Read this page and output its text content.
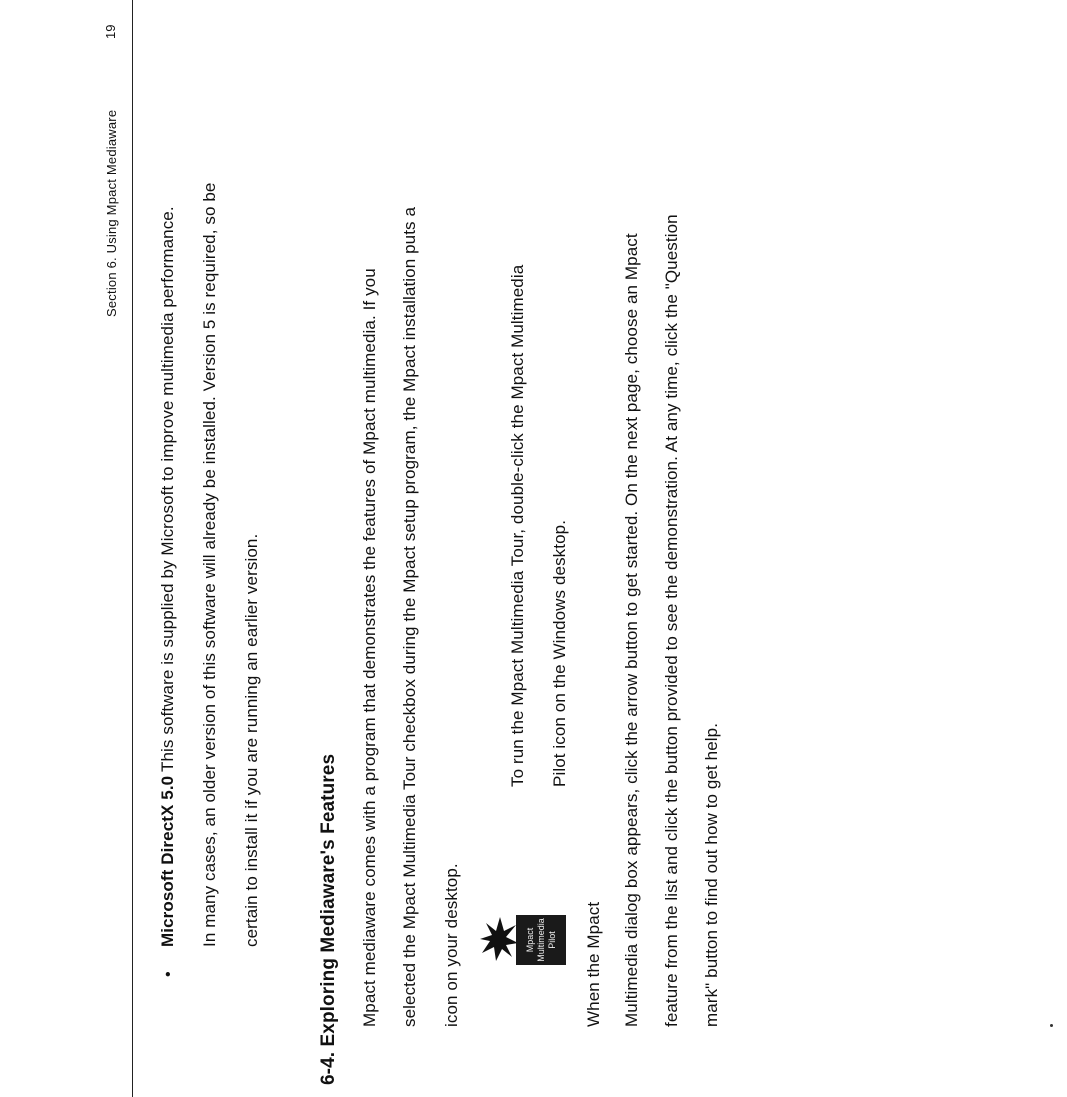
Section 6. Using Mpact Mediaware
19
•
Microsoft DirectX 5.0
This software is supplied by Microsoft to improve multimedia performance. In many cases, an older version of this software will already be installed. Version 5 is required, so be certain to install it if you are running an earlier version.	6-4. Exploring Mediaware's Features Mpact mediaware comes with a program that demonstrates the features of Mpact multimedia. If you selected the Mpact Multimedia Tour checkbox during the Mpact setup program, the Mpact installation puts a icon on your desktop.	Mpact Multimedia Pilot
To run the Mpact Multimedia Tour, double-click the Mpact Multimedia Pilot icon on the Windows desktop.
When the Mpact Multimedia dialog box appears, click the arrow button to get started. On the next page, choose an Mpact feature from the list and click the button provided to see the demonstration. At any time, click the "Question mark" button to find out how to get help.
